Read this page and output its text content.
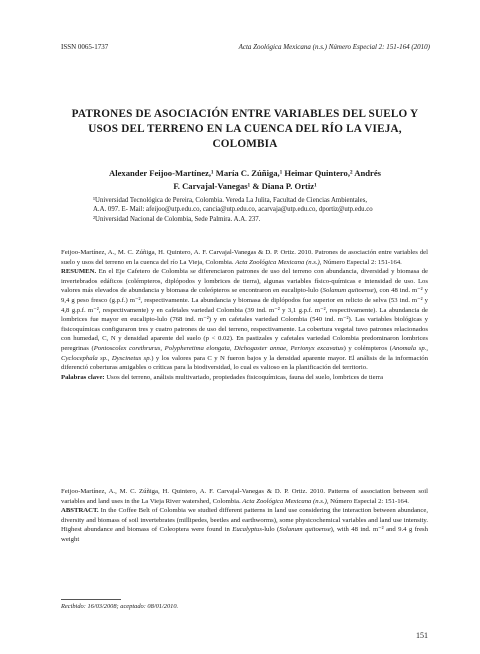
ISSN 0065-1737	Acta Zoológica Mexicana (n.s.) Número Especial 2: 151-164 (2010)
PATRONES DE ASOCIACIÓN ENTRE VARIABLES DEL SUELO Y USOS DEL TERRENO EN LA CUENCA DEL RÍO LA VIEJA, COLOMBIA
Alexander Feijoo-Martínez,¹ María C. Zúñiga,¹ Heimar Quintero,² Andrés
F. Carvajal-Vanegas¹ & Diana P. Ortiz¹
¹Universidad Tecnológica de Pereira, Colombia. Vereda La Julita, Facultad de Ciencias Ambientales,
A.A. 097. E- Mail: afeijoo@utp.edu.co, cancia@utp.edu.co, acarvaja@utp.edu.co, dportiz@utp.edu.co
²Universidad Nacional de Colombia, Sede Palmira. A.A. 237.

Feijoo-Martínez, A., M. C. Zúñiga, H. Quintero, A. F. Carvajal-Vanegas & D. P. Ortiz. 2010. Patrones de asociación entre variables del suelo y usos del terreno en la cuenca del río La Vieja, Colombia. Acta Zoológica Mexicana (n.s.), Número Especial 2: 151-164.

RESUMEN. En el Eje Cafetero de Colombia se diferenciaron patrones de uso del terreno con abundancia, diversidad y biomasa de invertebrados edáficos (colémpteros, diplópodos y lombrices de tierra), algunas variables físico-químicas e intensidad de uso. Los valores más elevados de abundancia y biomasa de coleópteros se encontraron en eucalipto-lulo (Solanum quitoense), con 48 ind. m⁻² y 9,4 g peso fresco (g.p.f.) m⁻², respectivamente. La abundancia y biomasa de diplópodos fue superior en relicto de selva (53 ind. m⁻² y 4,8 g.p.f. m⁻², respectivamente) y en cafetales variedad Colombia (39 ind. m⁻² y 3,1 g.p.f. m⁻², respectivamente). La abundancia de lombrices fue mayor en eucalipto-lulo (768 ind. m⁻²) y en cafetales variedad Colombia (540 ind. m⁻²). Las variables biológicas y fisicoquímicas configuraron tres y cuatro patrones de uso del terreno, respectivamente. La cobertura vegetal tuvo patrones relacionados con humedad, C, N y densidad aparente del suelo (p < 0.02). En pastizales y cafetales variedad Colombia predominaron lombrices peregrinas (Pontoscolex corethrurus, Polypheretima elongata, Dichogaster annae, Perionyx excavatus) y colémpteros (Anomala sp., Cyclocephala sp., Dyscinetus sp.) y los valores para C y N fueron bajos y la densidad aparente mayor. El análisis de la información diferenció coberturas amigables o críticas para la biodiversidad, lo cual es valioso en la planificación del territorio.

Palabras clave: Usos del terreno, análisis multivariado, propiedades fisicoquímicas, fauna del suelo, lombrices de tierra

Feijoo-Martínez, A., M. C. Zúñiga, H. Quintero, A. F. Carvajal-Vanegas & D. P. Ortiz. 2010. Patterns of association between soil variables and land uses in the La Vieja River watershed, Colombia. Acta Zoológica Mexicana (n.s.), Número Especial 2: 151-164.

ABSTRACT. In the Coffee Belt of Colombia we studied different patterns in land use considering the interaction between abundance, diversity and biomass of soil invertebrates (millipedes, beetles and earthworms), some physicochemical variables and land use intensity. Highest abundance and biomass of Coleoptera were found in Eucalyptus-lulo (Solanum quitoense), with 48 ind. m⁻² and 9.4 g fresh weight

Recibido: 16/03/2008; aceptado: 08/01/2010.
151
